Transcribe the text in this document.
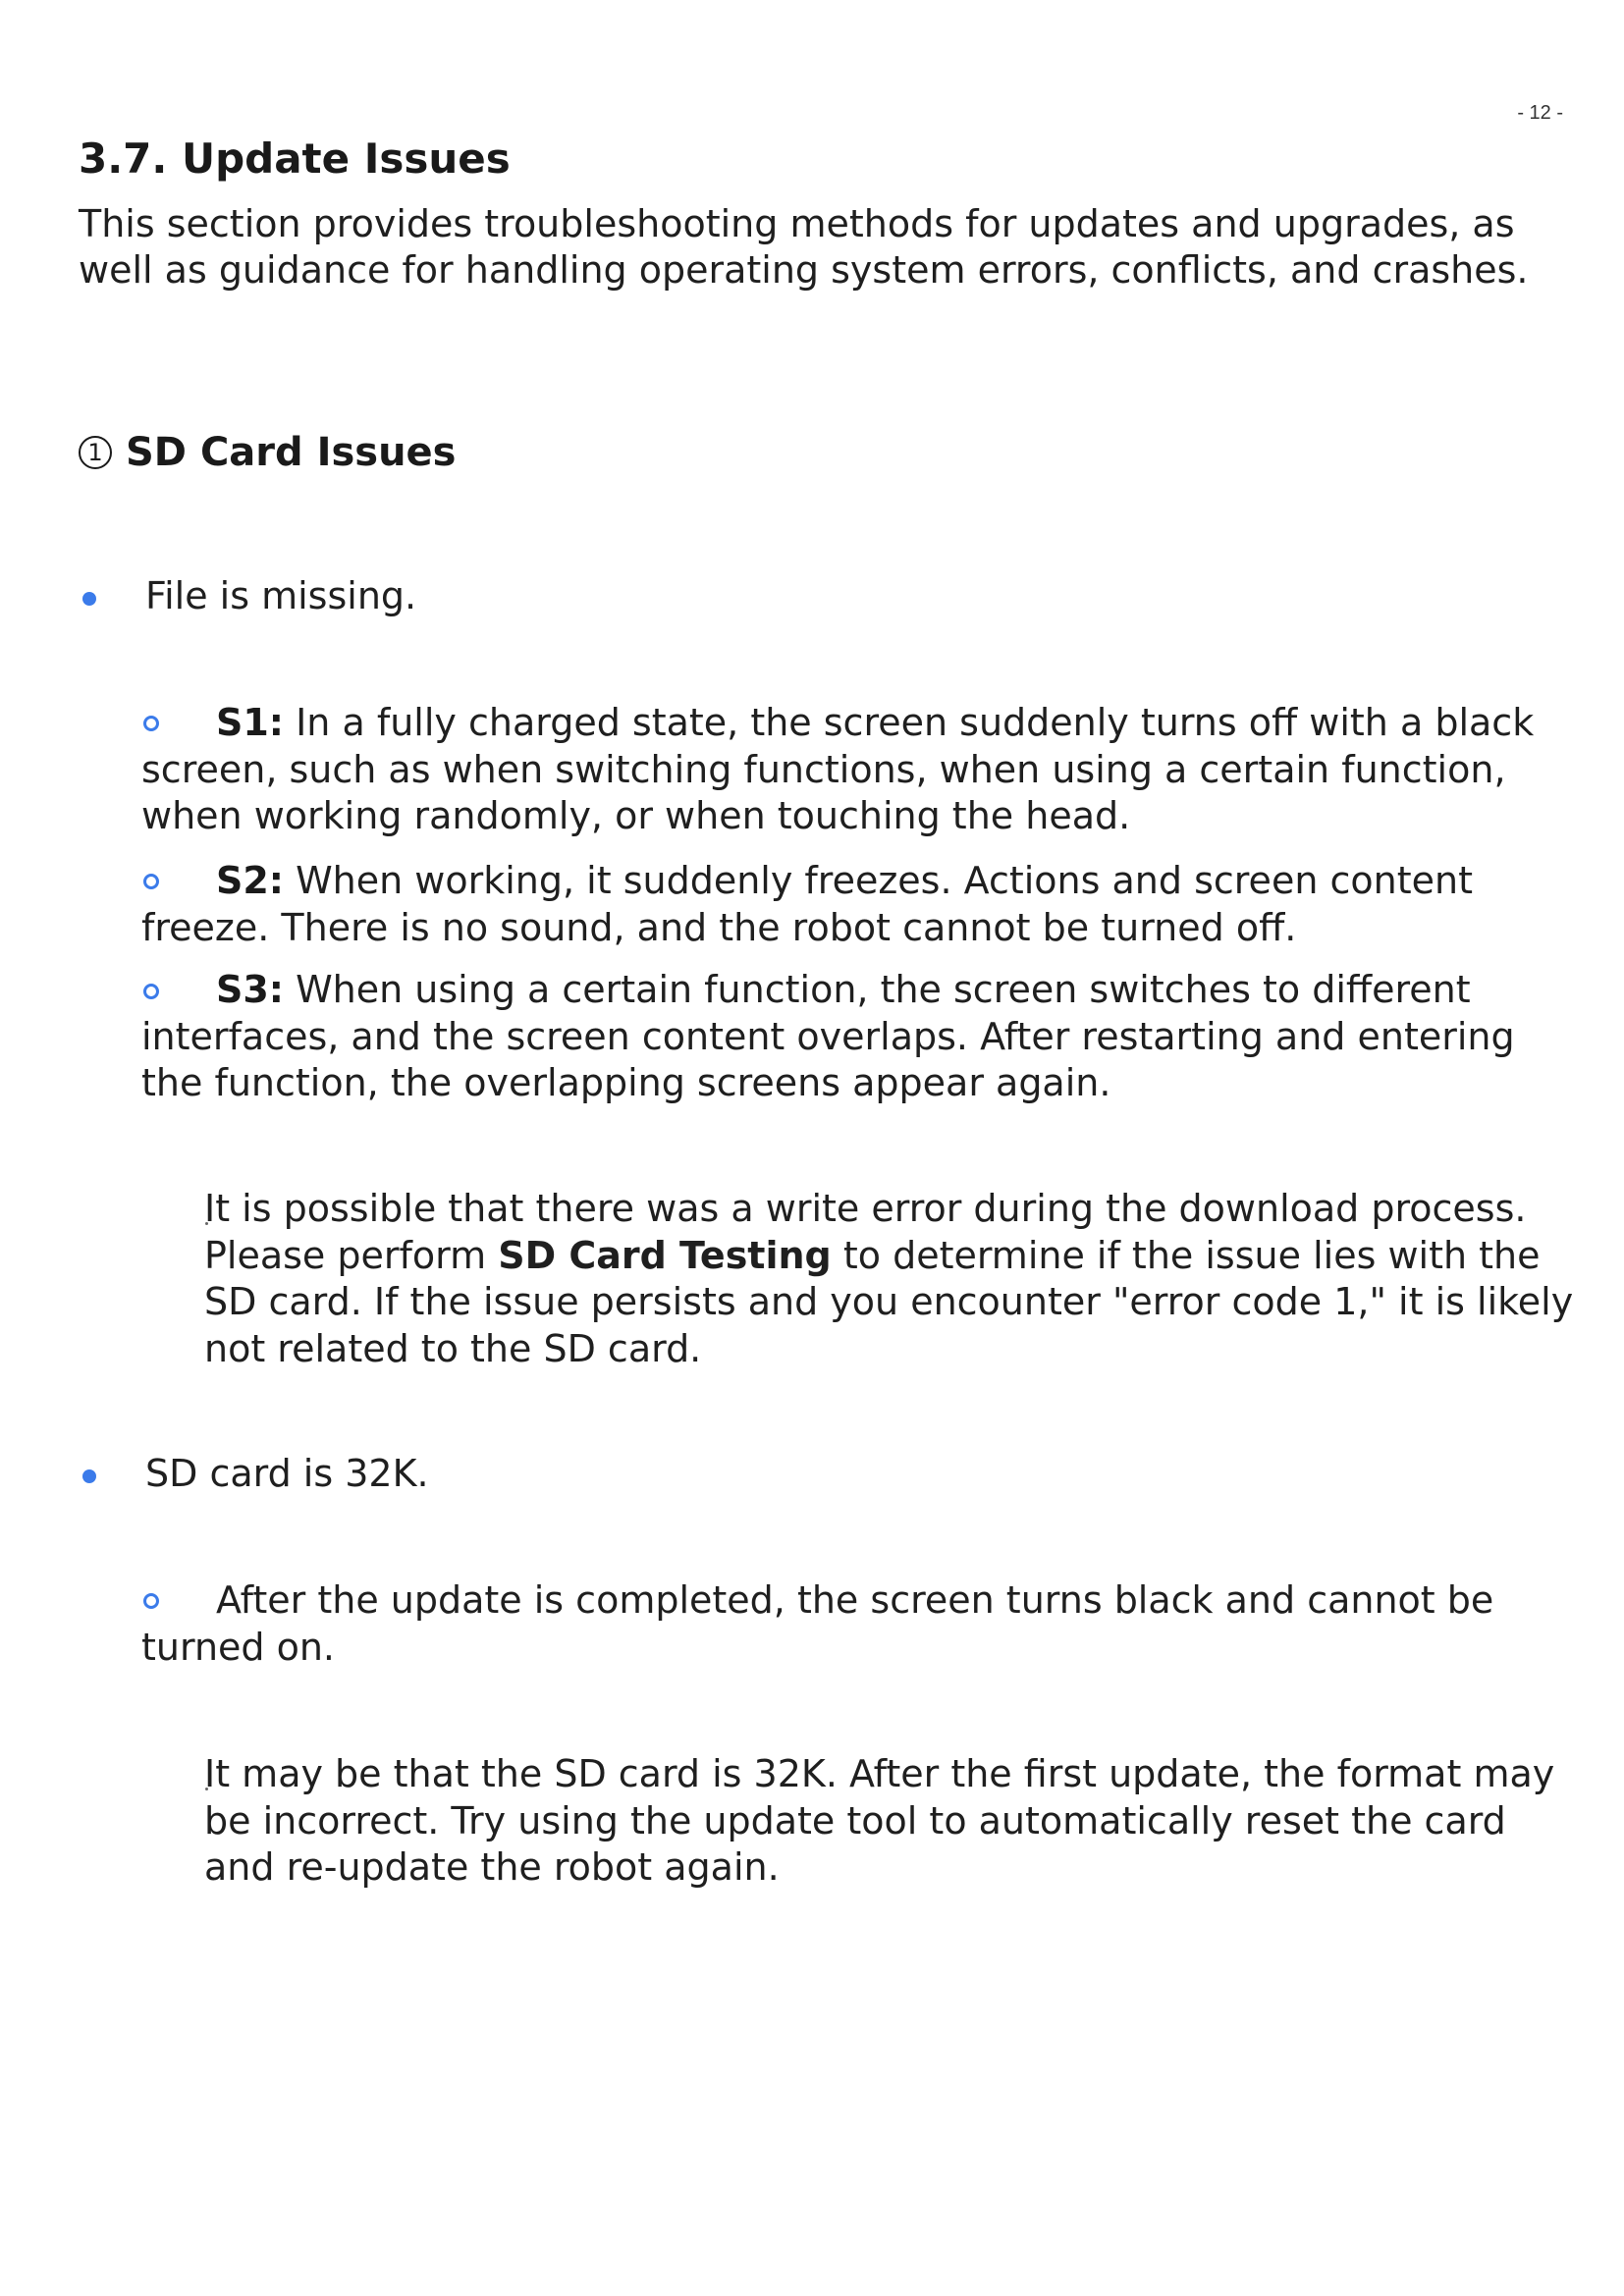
- 12 -
3.7. Update Issues

This section provides troubleshooting methods for updates and upgrades, as well as guidance for handling operating system errors, conflicts, and crashes.

1 SD Card Issues

File is missing.

S1: In a fully charged state, the screen suddenly turns off with a black screen, such as when switching functions, when using a certain function, when working randomly, or when touching the head.

S2: When working, it suddenly freezes. Actions and screen content freeze. There is no sound, and the robot cannot be turned off.

S3: When using a certain function, the screen switches to different interfaces, and the screen content overlaps. After restarting and entering the function, the overlapping screens appear again.

It is possible that there was a write error during the download process. Please perform SD Card Testing to determine if the issue lies with the SD card. If the issue persists and you encounter "error code 1," it is likely not related to the SD card.

SD card is 32K.

After the update is completed, the screen turns black and cannot be turned on.

It may be that the SD card is 32K. After the first update, the format may be incorrect. Try using the update tool to automatically reset the card and re-update the robot again.
